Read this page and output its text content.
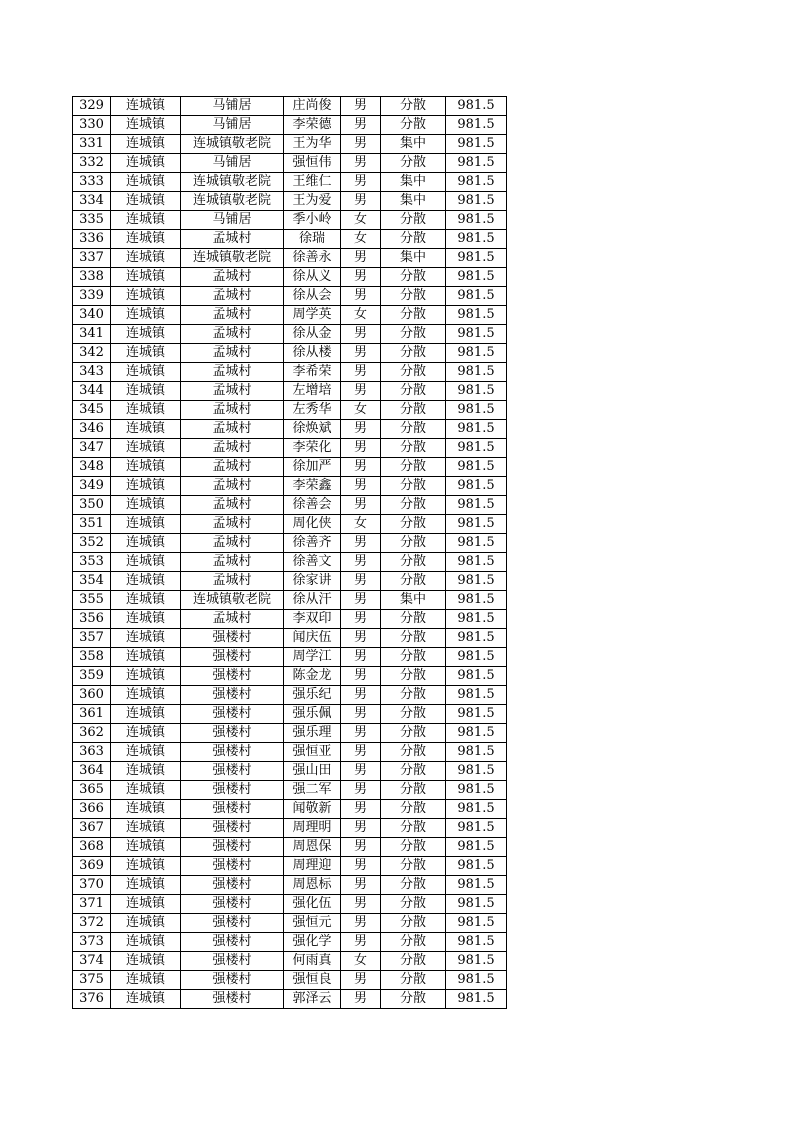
329	连城镇	马铺居	庄尚俊	男	分散	981.5
330	连城镇	马铺居	李荣德	男	分散	981.5
331	连城镇	连城镇敬老院	王为华	男	集中	981.5
332	连城镇	马铺居	强恒伟	男	分散	981.5
333	连城镇	连城镇敬老院	王维仁	男	集中	981.5
334	连城镇	连城镇敬老院	王为爱	男	集中	981.5
335	连城镇	马铺居	季小岭	女	分散	981.5
336	连城镇	孟城村	徐瑞	女	分散	981.5
337	连城镇	连城镇敬老院	徐善永	男	集中	981.5
338	连城镇	孟城村	徐从义	男	分散	981.5
339	连城镇	孟城村	徐从会	男	分散	981.5
340	连城镇	孟城村	周学英	女	分散	981.5
341	连城镇	孟城村	徐从金	男	分散	981.5
342	连城镇	孟城村	徐从楼	男	分散	981.5
343	连城镇	孟城村	李希荣	男	分散	981.5
344	连城镇	孟城村	左增培	男	分散	981.5
345	连城镇	孟城村	左秀华	女	分散	981.5
346	连城镇	孟城村	徐焕斌	男	分散	981.5
347	连城镇	孟城村	李荣化	男	分散	981.5
348	连城镇	孟城村	徐加严	男	分散	981.5
349	连城镇	孟城村	李荣鑫	男	分散	981.5
350	连城镇	孟城村	徐善会	男	分散	981.5
351	连城镇	孟城村	周化侠	女	分散	981.5
352	连城镇	孟城村	徐善齐	男	分散	981.5
353	连城镇	孟城村	徐善文	男	分散	981.5
354	连城镇	孟城村	徐家讲	男	分散	981.5
355	连城镇	连城镇敬老院	徐从汗	男	集中	981.5
356	连城镇	孟城村	李双印	男	分散	981.5
357	连城镇	强楼村	闻庆伍	男	分散	981.5
358	连城镇	强楼村	周学江	男	分散	981.5
359	连城镇	强楼村	陈金龙	男	分散	981.5
360	连城镇	强楼村	强乐纪	男	分散	981.5
361	连城镇	强楼村	强乐佩	男	分散	981.5
362	连城镇	强楼村	强乐理	男	分散	981.5
363	连城镇	强楼村	强恒亚	男	分散	981.5
364	连城镇	强楼村	强山田	男	分散	981.5
365	连城镇	强楼村	强二军	男	分散	981.5
366	连城镇	强楼村	闻敬新	男	分散	981.5
367	连城镇	强楼村	周理明	男	分散	981.5
368	连城镇	强楼村	周恩保	男	分散	981.5
369	连城镇	强楼村	周理迎	男	分散	981.5
370	连城镇	强楼村	周恩标	男	分散	981.5
371	连城镇	强楼村	强化伍	男	分散	981.5
372	连城镇	强楼村	强恒元	男	分散	981.5
373	连城镇	强楼村	强化学	男	分散	981.5
374	连城镇	强楼村	何雨真	女	分散	981.5
375	连城镇	强楼村	强恒良	男	分散	981.5
376	连城镇	强楼村	郭泽云	男	分散	981.5
